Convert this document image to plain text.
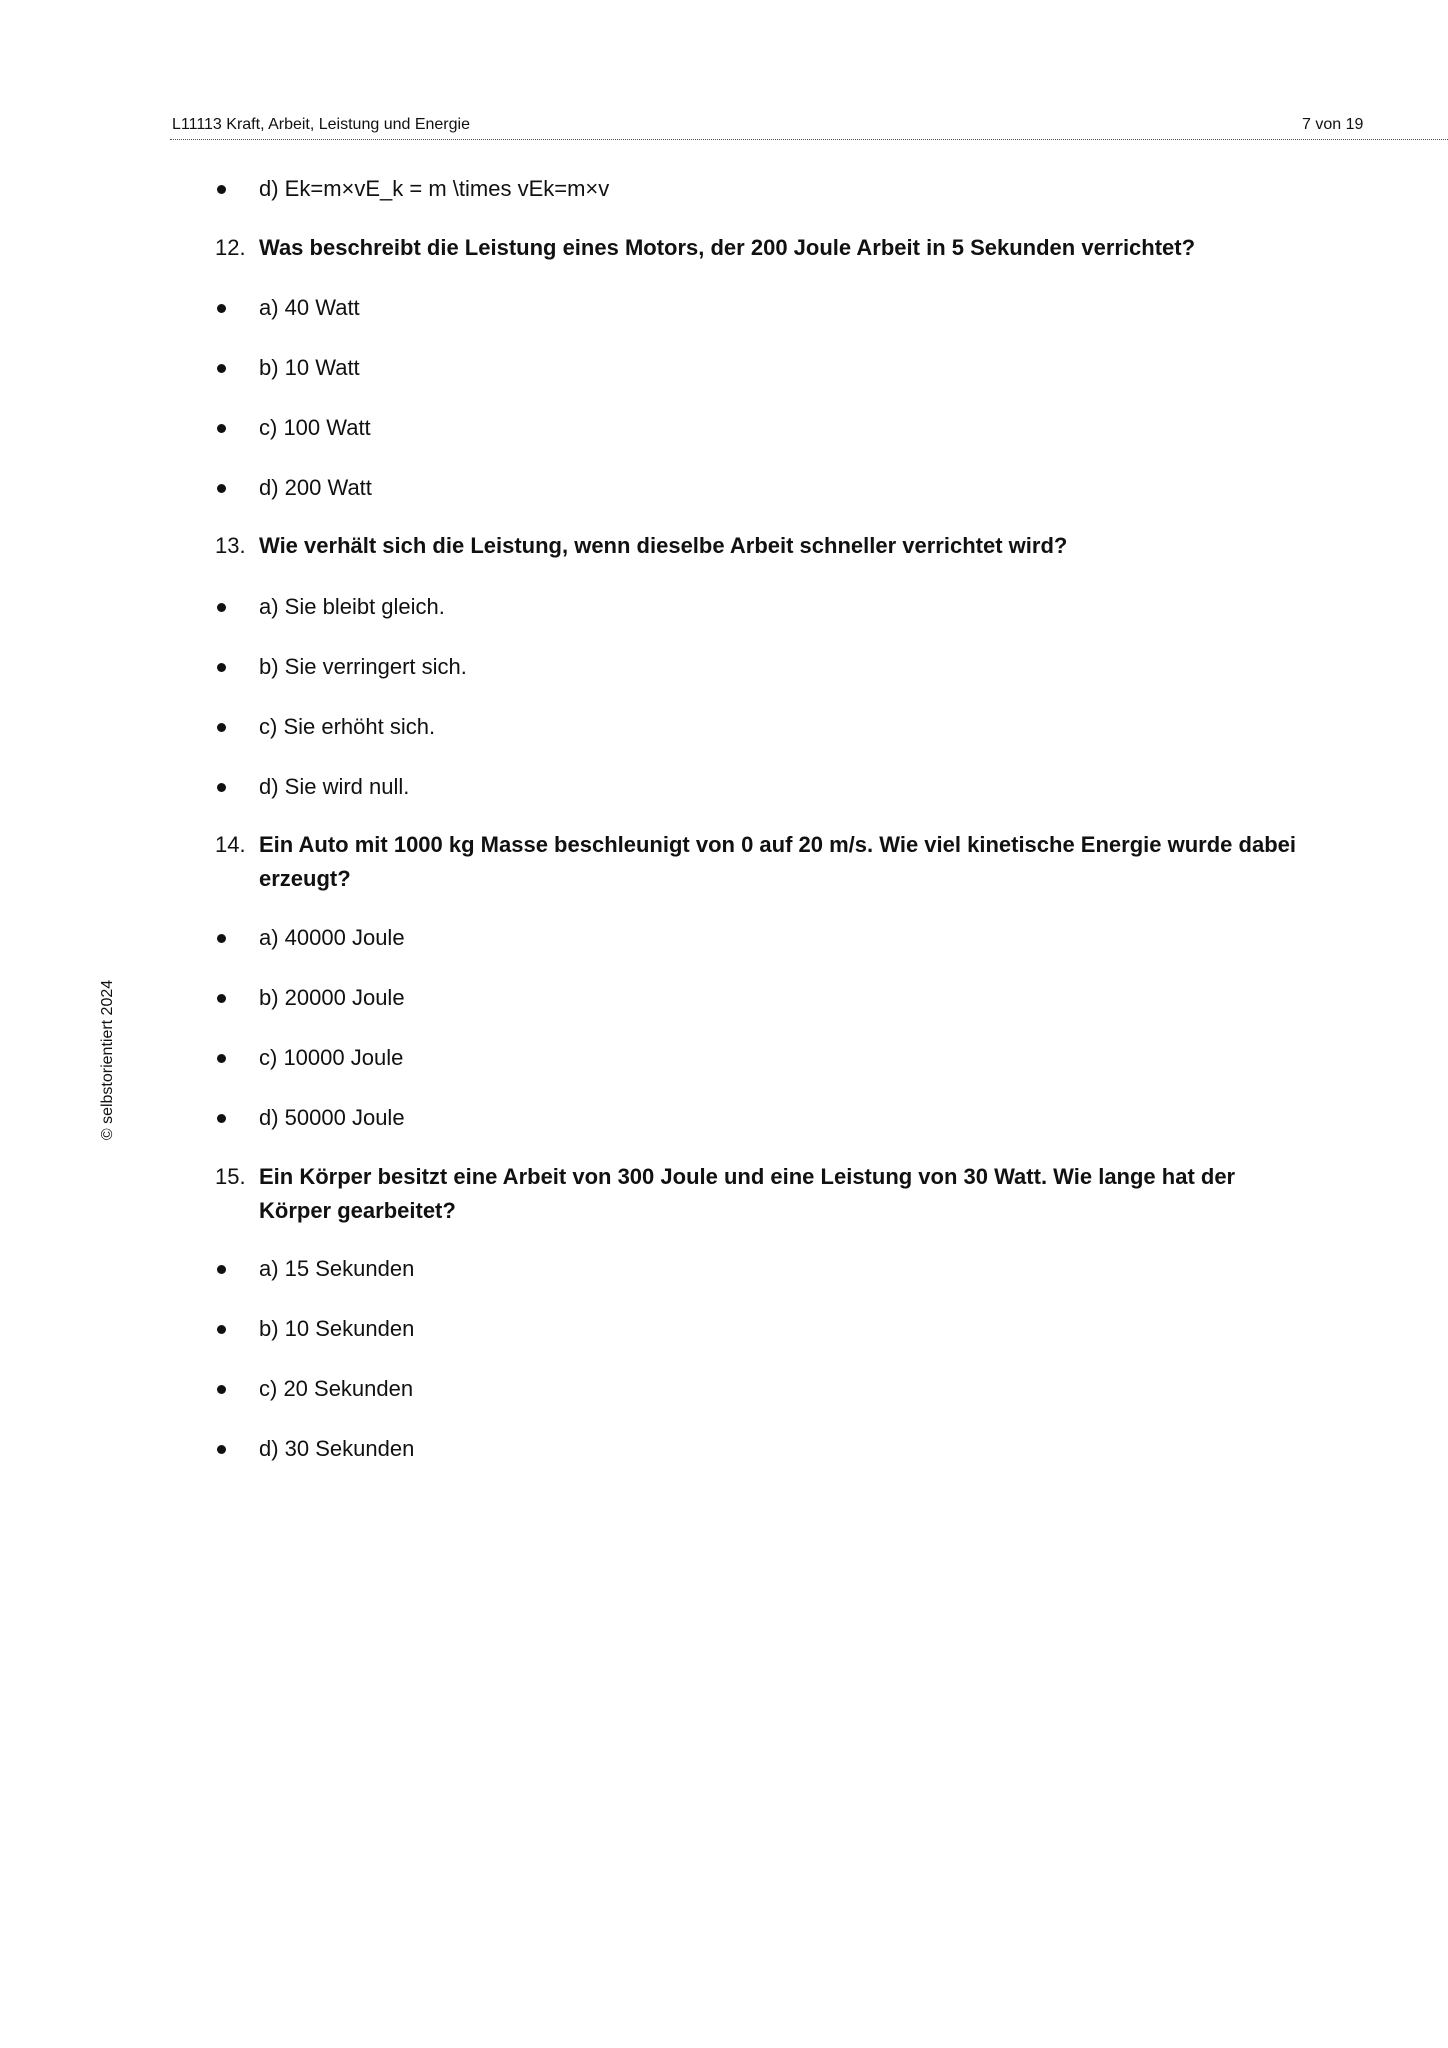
L11113 Kraft, Arbeit, Leistung und Energie	7 von 19
© selbstorientiert 2024
d) Ek=m×vE_k = m \times vEk=m×v
12. Was beschreibt die Leistung eines Motors, der 200 Joule Arbeit in 5 Sekunden verrichtet?
a) 40 Watt
b) 10 Watt
c) 100 Watt
d) 200 Watt
13. Wie verhält sich die Leistung, wenn dieselbe Arbeit schneller verrichtet wird?
a) Sie bleibt gleich.
b) Sie verringert sich.
c) Sie erhöht sich.
d) Sie wird null.
14. Ein Auto mit 1000 kg Masse beschleunigt von 0 auf 20 m/s. Wie viel kinetische Energie wurde dabei erzeugt?
a) 40000 Joule
b) 20000 Joule
c) 10000 Joule
d) 50000 Joule
15. Ein Körper besitzt eine Arbeit von 300 Joule und eine Leistung von 30 Watt. Wie lange hat der Körper gearbeitet?
a) 15 Sekunden
b) 10 Sekunden
c) 20 Sekunden
d) 30 Sekunden
